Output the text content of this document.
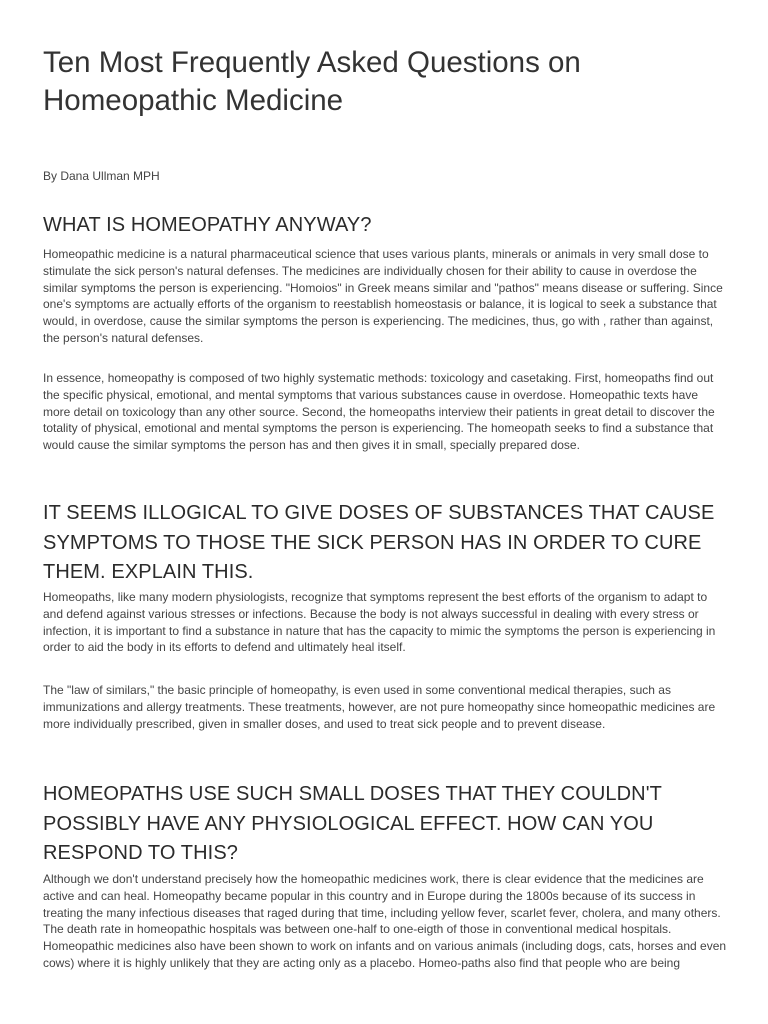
Ten Most Frequently Asked Questions on Homeopathic Medicine

By Dana Ullman MPH

WHAT IS HOMEOPATHY ANYWAY?

Homeopathic medicine is a natural pharmaceutical science that uses various plants, minerals or animals in very small dose to stimulate the sick person's natural defenses. The medicines are individually chosen for their ability to cause in overdose the similar symptoms the person is experiencing. "Homoios" in Greek means similar and "pathos" means disease or suffering. Since one's symptoms are actually efforts of the organism to reestablish homeostasis or balance, it is logical to seek a substance that would, in overdose, cause the similar symptoms the person is experiencing. The medicines, thus, go with , rather than against, the person's natural defenses.

In essence, homeopathy is composed of two highly systematic methods: toxicology and casetaking. First, homeopaths find out the specific physical, emotional, and mental symptoms that various substances cause in overdose. Homeopathic texts have more detail on toxicology than any other source. Second, the homeopaths interview their patients in great detail to discover the totality of physical, emotional and mental symptoms the person is experiencing. The homeopath seeks to find a substance that would cause the similar symptoms the person has and then gives it in small, specially prepared dose.

IT SEEMS ILLOGICAL TO GIVE DOSES OF SUBSTANCES THAT CAUSE SYMPTOMS TO THOSE THE SICK PERSON HAS IN ORDER TO CURE THEM. EXPLAIN THIS.

Homeopaths, like many modern physiologists, recognize that symptoms represent the best efforts of the organism to adapt to and defend against various stresses or infections. Because the body is not always successful in dealing with every stress or infection, it is important to find a substance in nature that has the capacity to mimic the symptoms the person is experiencing in order to aid the body in its efforts to defend and ultimately heal itself.

The "law of similars," the basic principle of homeopathy, is even used in some conventional medical therapies, such as immunizations and allergy treatments. These treatments, however, are not pure homeopathy since homeopathic medicines are more individually prescribed, given in smaller doses, and used to treat sick people and to prevent disease.

HOMEOPATHS USE SUCH SMALL DOSES THAT THEY COULDN'T POSSIBLY HAVE ANY PHYSIOLOGICAL EFFECT. HOW CAN YOU RESPOND TO THIS?

Although we don't understand precisely how the homeopathic medicines work, there is clear evidence that the medicines are active and can heal. Homeopathy became popular in this country and in Europe during the 1800s because of its success in treating the many infectious diseases that raged during that time, including yellow fever, scarlet fever, cholera, and many others. The death rate in homeopathic hospitals was between one-half to one-eigth of those in conventional medical hospitals. Homeopathic medicines also have been shown to work on infants and on various animals (including dogs, cats, horses and even cows) where it is highly unlikely that they are acting only as a placebo. Homeo-paths also find that people who are being
